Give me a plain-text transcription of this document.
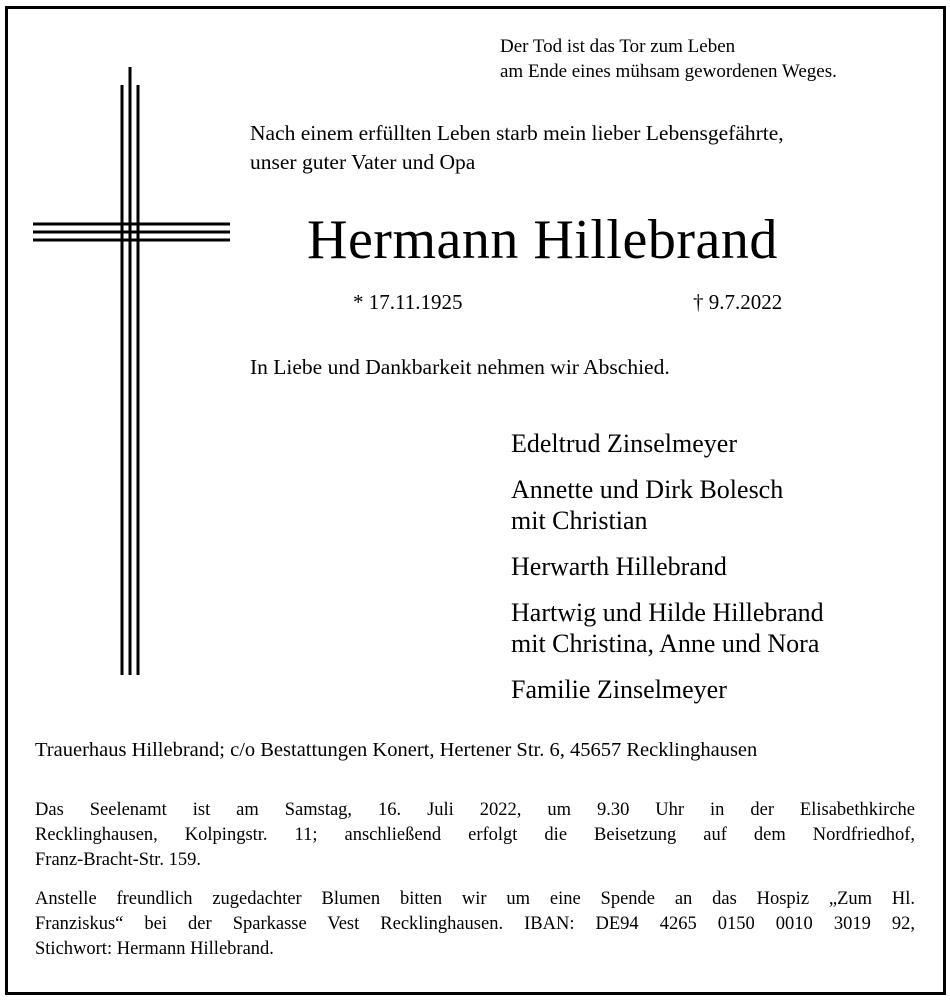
Der Tod ist das Tor zum Leben
am Ende eines mühsam gewordenen Weges.
Nach einem erfüllten Leben starb mein lieber Lebensgefährte,
unser guter Vater und Opa
Hermann Hillebrand
* 17.11.1925	† 9.7.2022
In Liebe und Dankbarkeit nehmen wir Abschied.
Edeltrud Zinselmeyer
Annette und Dirk Bolesch
mit Christian
Herwarth Hillebrand
Hartwig und Hilde Hillebrand
mit Christina, Anne und Nora
Familie Zinselmeyer
Trauerhaus Hillebrand; c/o Bestattungen Konert, Hertener Str. 6, 45657 Recklinghausen
Das Seelenamt ist am Samstag, 16. Juli 2022, um 9.30 Uhr in der Elisabethkirche
Recklinghausen, Kolpingstr. 11; anschließend erfolgt die Beisetzung auf dem Nordfriedhof,
Franz-Bracht-Str. 159.
Anstelle freundlich zugedachter Blumen bitten wir um eine Spende an das Hospiz „Zum Hl.
Franziskus“ bei der Sparkasse Vest Recklinghausen. IBAN: DE94 4265 0150 0010 3019 92,
Stichwort: Hermann Hillebrand.
